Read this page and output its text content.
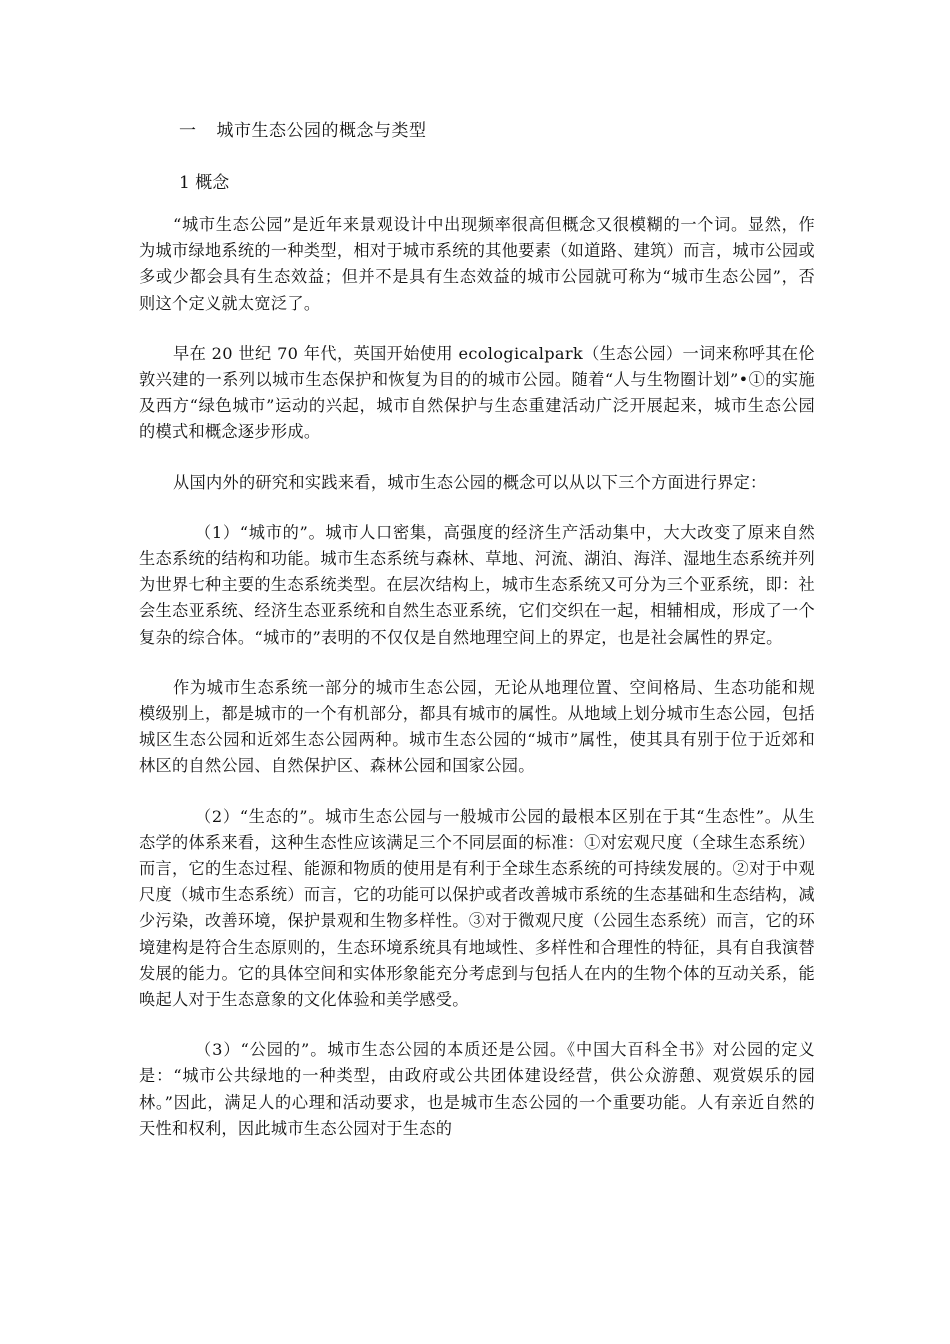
一 城市生态公园的概念与类型
1 概念

“城市生态公园”是近年来景观设计中出现频率很高但概念又很模糊的一个词。显然，作为城市绿地系统的一种类型，相对于城市系统的其他要素（如道路、建筑）而言，城市公园或多或少都会具有生态效益；但并不是具有生态效益的城市公园就可称为“城市生态公园”，否则这个定义就太宽泛了。

早在 20 世纪 70 年代，英国开始使用 ecologicalpark（生态公园）一词来称呼其在伦敦兴建的一系列以城市生态保护和恢复为目的的城市公园。随着“人与生物圈计划”•①的实施及西方“绿色城市”运动的兴起，城市自然保护与生态重建活动广泛开展起来，城市生态公园的模式和概念逐步形成。

从国内外的研究和实践来看，城市生态公园的概念可以从以下三个方面进行界定：

（1）“城市的”。城市人口密集，高强度的经济生产活动集中，大大改变了原来自然生态系统的结构和功能。城市生态系统与森林、草地、河流、湖泊、海洋、湿地生态系统并列为世界七种主要的生态系统类型。在层次结构上，城市生态系统又可分为三个亚系统，即：社会生态亚系统、经济生态亚系统和自然生态亚系统，它们交织在一起，相辅相成，形成了一个复杂的综合体。“城市的”表明的不仅仅是自然地理空间上的界定，也是社会属性的界定。

作为城市生态系统一部分的城市生态公园，无论从地理位置、空间格局、生态功能和规模级别上，都是城市的一个有机部分，都具有城市的属性。从地域上划分城市生态公园，包括城区生态公园和近郊生态公园两种。城市生态公园的“城市”属性，使其具有别于位于近郊和林区的自然公园、自然保护区、森林公园和国家公园。

（2）“生态的”。城市生态公园与一般城市公园的最根本区别在于其“生态性”。从生态学的体系来看，这种生态性应该满足三个不同层面的标准：①对宏观尺度（全球生态系统）而言，它的生态过程、能源和物质的使用是有利于全球生态系统的可持续发展的。②对于中观尺度（城市生态系统）而言，它的功能可以保护或者改善城市系统的生态基础和生态结构，减少污染，改善环境，保护景观和生物多样性。③对于微观尺度（公园生态系统）而言，它的环境建构是符合生态原则的，生态环境系统具有地域性、多样性和合理性的特征，具有自我演替发展的能力。它的具体空间和实体形象能充分考虑到与包括人在内的生物个体的互动关系，能唤起人对于生态意象的文化体验和美学感受。

（3）“公园的”。城市生态公园的本质还是公园。《中国大百科全书》对公园的定义是：“城市公共绿地的一种类型，由政府或公共团体建设经营，供公众游憩、观赏娱乐的园林。”因此，满足人的心理和活动要求，也是城市生态公园的一个重要功能。人有亲近自然的天性和权利，因此城市生态公园对于生态的
